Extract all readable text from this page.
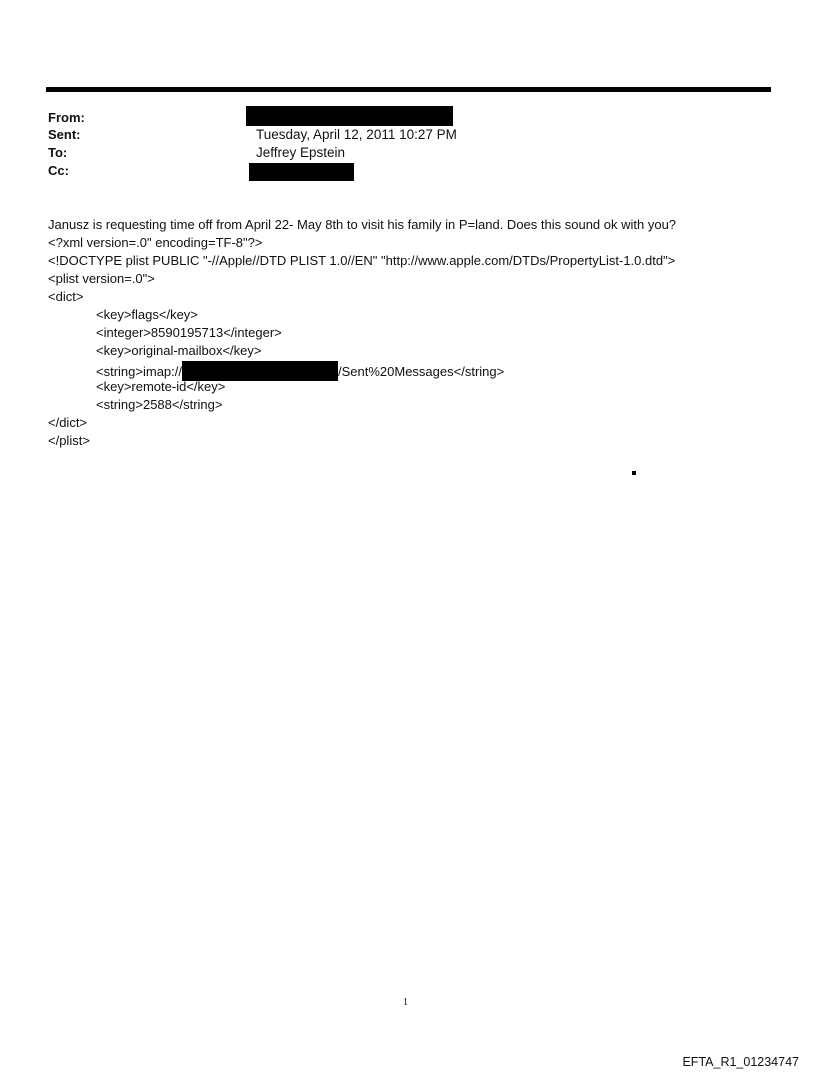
From:
Sent:	Tuesday, April 12, 2011 10:27 PM
To:	Jeffrey Epstein
Cc:
Janusz is requesting time off from April 22- May 8th to visit his family in P=land. Does this sound ok with you?
<?xml version=.0" encoding=TF-8"?>
<!DOCTYPE plist PUBLIC "-//Apple//DTD PLIST 1.0//EN" "http://www.apple.com/DTDs/PropertyList-1.0.dtd">
<plist version=.0">
<dict>
<key>flags</key>
<integer>8590195713</integer>
<key>original-mailbox</key>
<string>imap://	/Sent%20Messages</string>
<key>remote-id</key>
<string>2588</string>
</dict>
</plist>
1
EFTA_R1_01234747
